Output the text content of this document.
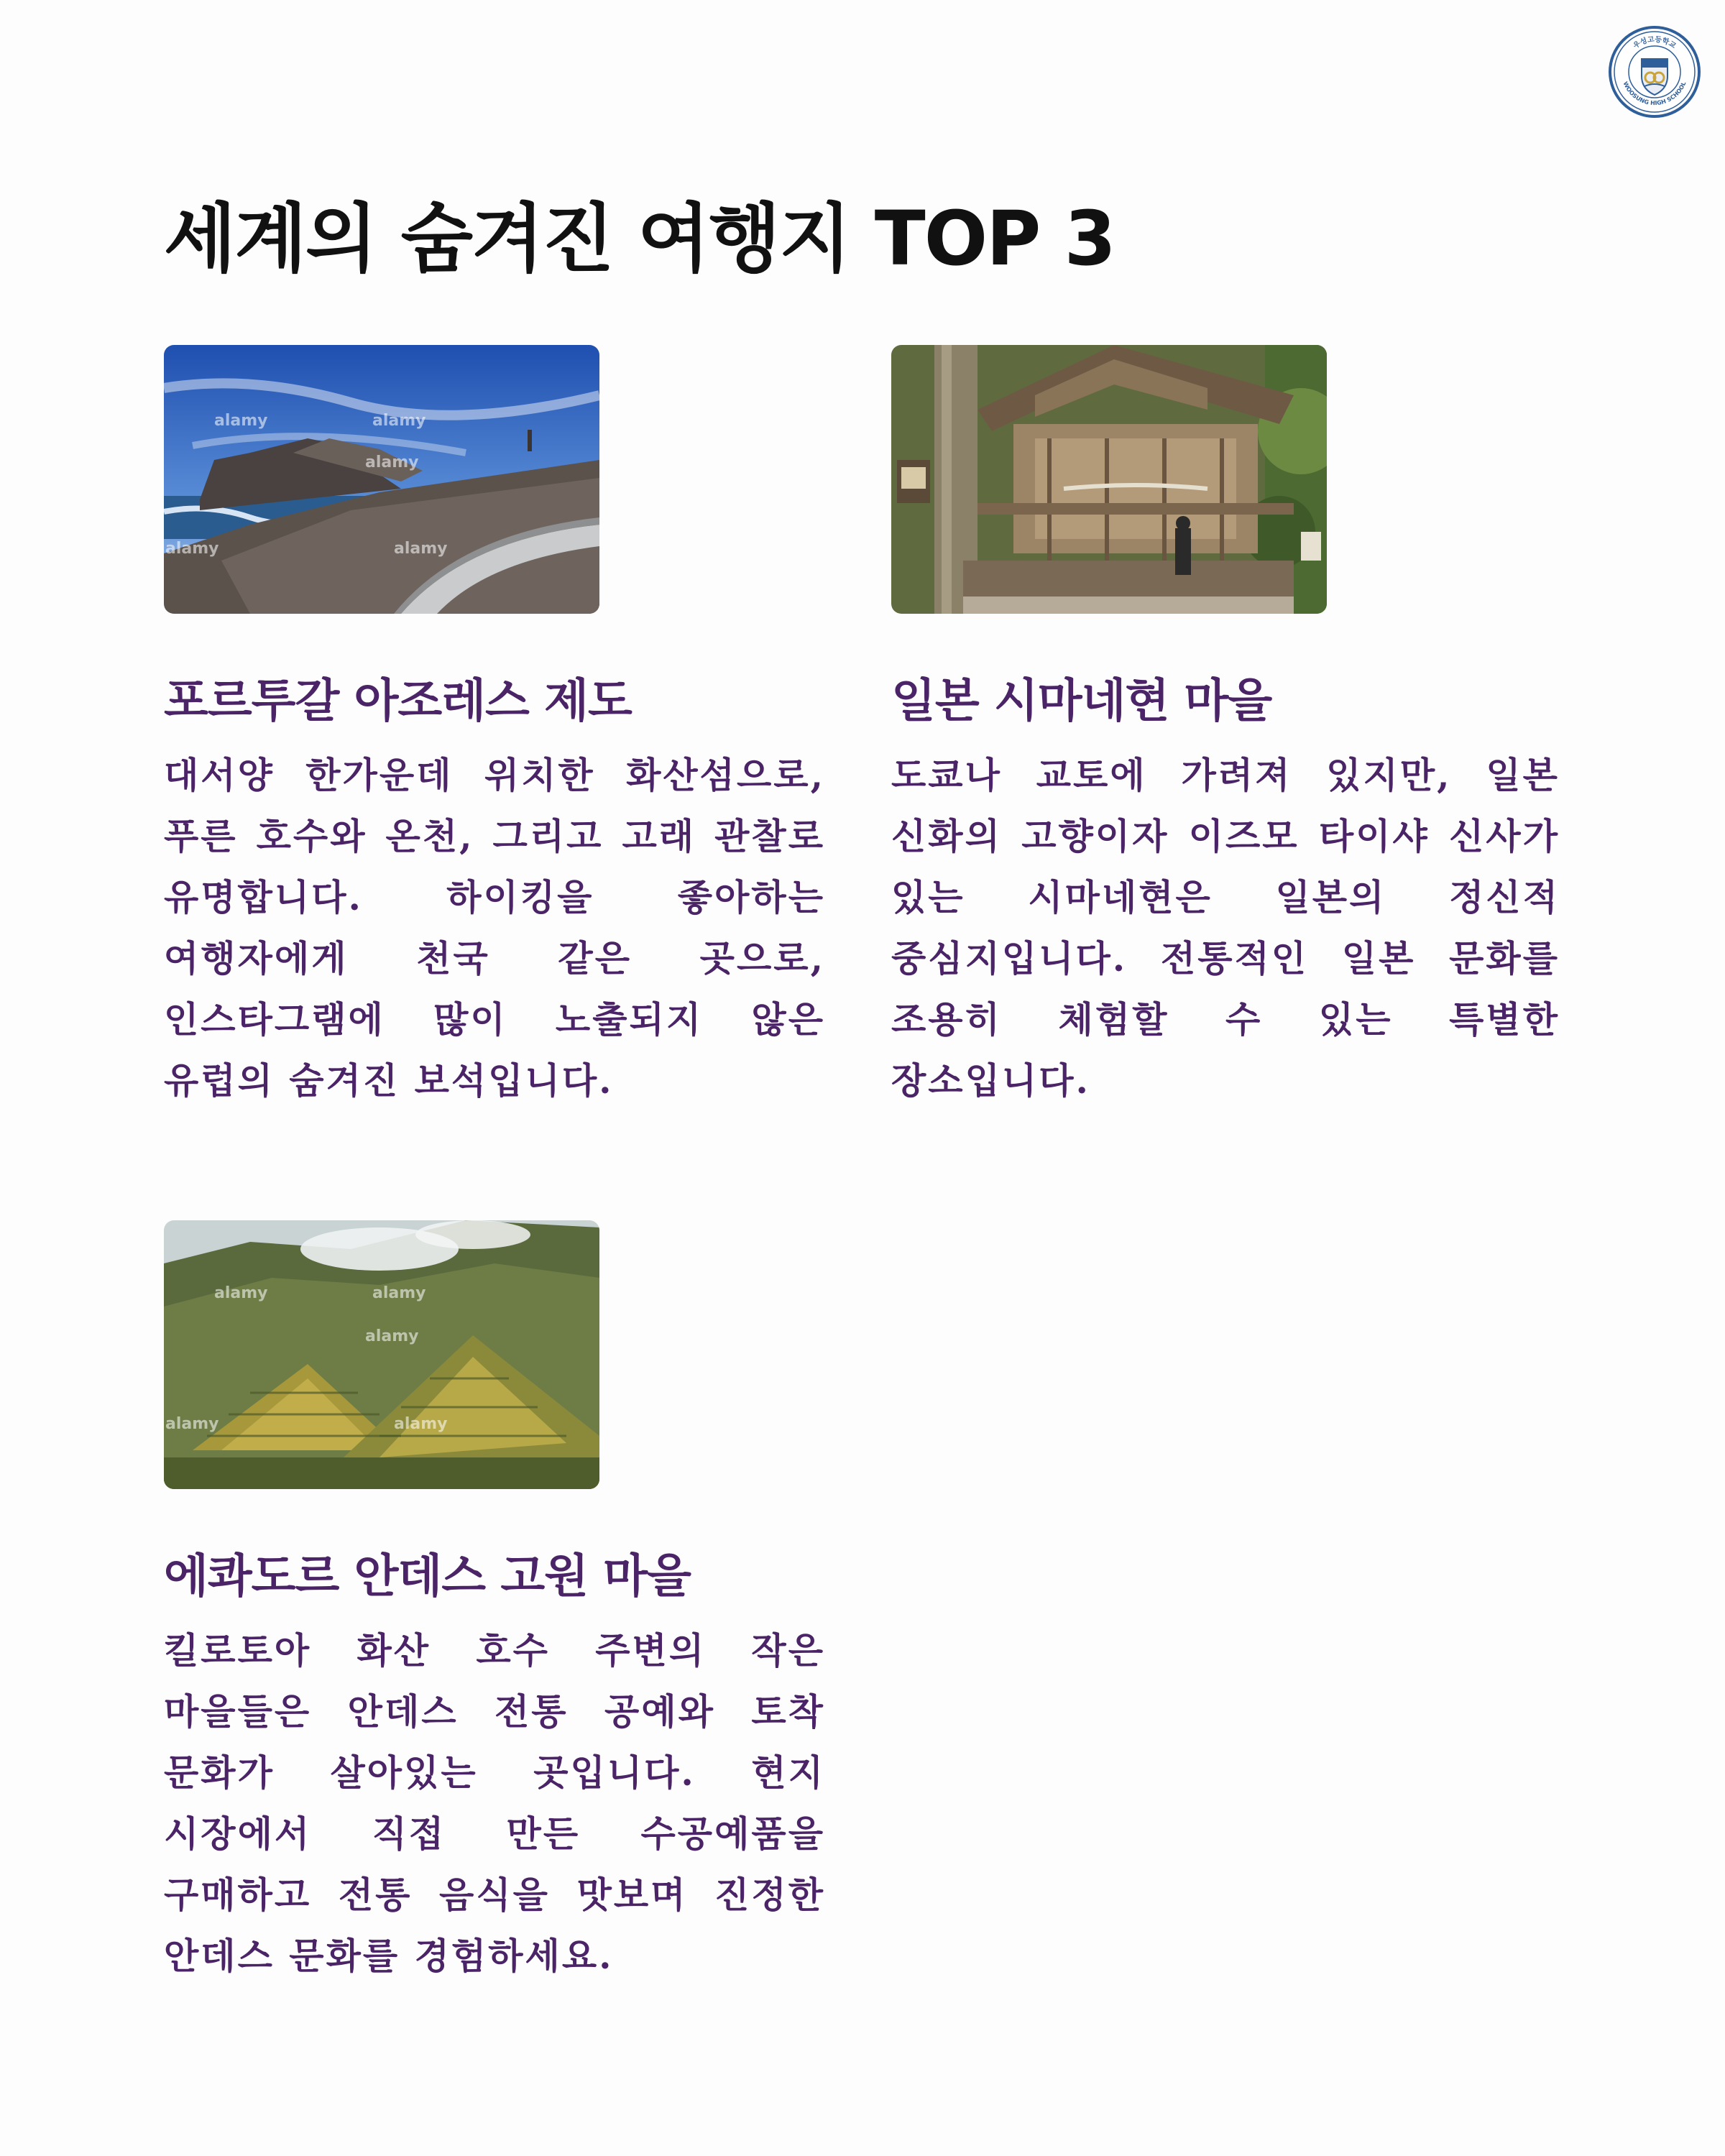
우성고등학교
WOOSUNG HIGH SCHOOL
세계의 숨겨진 여행지 TOP 3
alamy	alamy
alamy
alamy	alamy
포르투갈 아조레스 제도

대서양 한가운데 위치한 화산섬으로, 푸른 호수와 온천, 그리고 고래 관찰로 유명합니다. 하이킹을 좋아하는 여행자에게 천국 같은 곳으로, 인스타그램에 많이 노출되지 않은 유럽의 숨겨진 보석입니다.

일본 시마네현 마을

도쿄나 교토에 가려져 있지만, 일본 신화의 고향이자 이즈모 타이샤 신사가 있는 시마네현은 일본의 정신적 중심지입니다. 전통적인 일본 문화를 조용히 체험할 수 있는 특별한 장소입니다.

alamy	alamy
alamy
alamy	alamy
에콰도르 안데스 고원 마을

킬로토아 화산 호수 주변의 작은 마을들은 안데스 전통 공예와 토착 문화가 살아있는 곳입니다. 현지 시장에서 직접 만든 수공예품을 구매하고 전통 음식을 맛보며 진정한 안데스 문화를 경험하세요.
